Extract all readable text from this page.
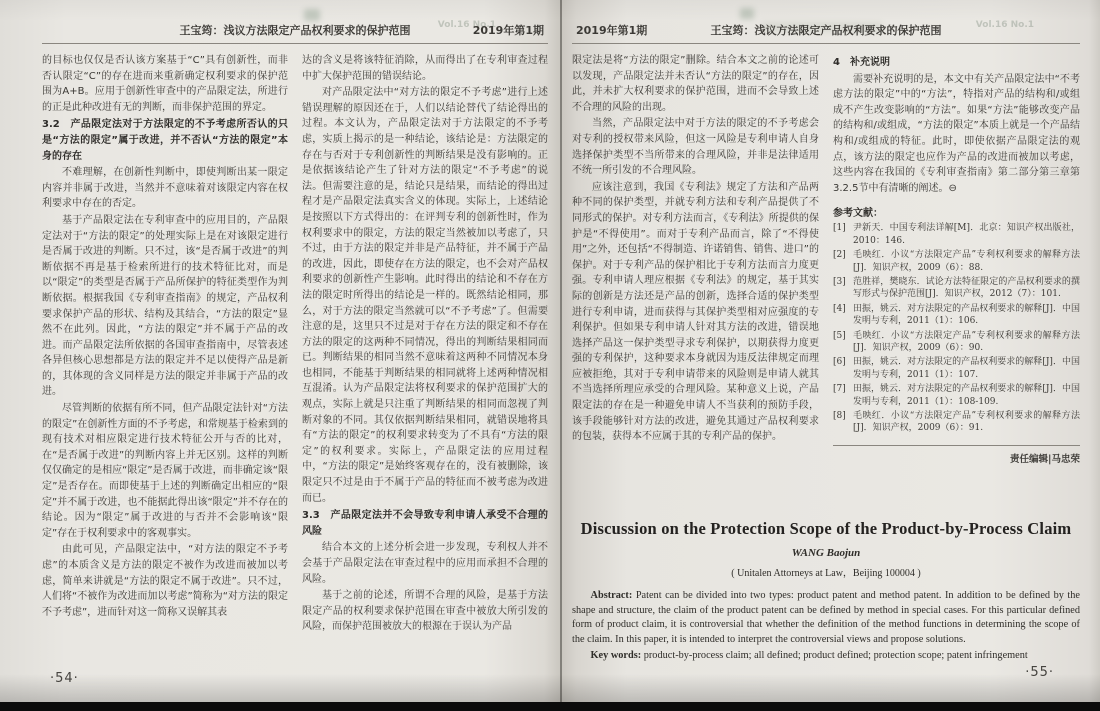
Vol.16 No.1
王宝筠：浅议方法限定产品权利要求的保护范围	2019年第1期

的目标也仅仅是否认该方案基于“C”具有创新性，而非否认限定“C”的存在进而来重新确定权利要求的保护范围为A+B。应用于创新性审查中的产品限定法，所进行的正是此种改进有无的判断，而非保护范围的界定。

3.2　产品限定法对于方法限定的不予考虑所否认的只是“方法的限定”属于改进，并不否认“方法的限定”本身的存在

不难理解，在创新性判断中，即使判断出某一限定内容并非属于改进，当然并不意味着对该限定内容在权利要求中存在的否定。

基于产品限定法在专利审查中的应用目的，产品限定法对于“方法的限定”的处理实际上是在对该限定进行是否属于改进的判断。只不过，该“是否属于改进”的判断依据不再是基于检索所进行的技术特征比对，而是以“限定”的类型是否属于产品所保护的特征类型作为判断依据。根据我国《专利审查指南》的规定，产品权利要求保护产品的形状、结构及其结合，“方法的限定”显然不在此列。因此，“方法的限定”并不属于产品的改进。而产品限定法所依据的各国审查指南中，尽管表述各异但核心思想都是方法的限定并不足以使得产品是新的，其体现的含义同样是方法的限定并非属于产品的改进。

尽管判断的依据有所不同，但产品限定法针对“方法的限定”在创新性方面的不予考虑，和常规基于检索到的现有技术对相应限定进行技术特征公开与否的比对，在“是否属于改进”的判断内容上并无区别。这样的判断仅仅确定的是相应“限定”是否属于改进，而非确定该“限定”是否存在。而即使基于上述的判断确定出相应的“限定”并不属于改进，也不能据此得出该“限定”并不存在的结论。因为“限定”属于改进的与否并不会影响该“限定”存在于权利要求中的客观事实。

由此可见，产品限定法中，“对方法的限定不予考虑”的本质含义是方法的限定不被作为改进而被加以考虑，简单来讲就是“方法的限定不属于改进”。只不过，人们将“不被作为改进而加以考虑”简称为“对方法的限定不予考虑”，进而针对这一简称又误解其表

达的含义是将该特征消除，从而得出了在专利审查过程中扩大保护范围的错误结论。

对产品限定法中“对方法的限定不予考虑”进行上述错误理解的原因还在于，人们以结论替代了结论得出的过程。本文认为，产品限定法对于方法限定的不予考虑，实质上揭示的是一种结论，该结论是：方法限定的存在与否对于专利创新性的判断结果是没有影响的。正是依据该结论产生了针对方法的限定“不予考虑”的说法。但需要注意的是，结论只是结果，而结论的得出过程才是产品限定法真实含义的体现。实际上，上述结论是按照以下方式得出的：在评判专利的创新性时，作为权利要求中的限定，方法的限定当然被加以考虑了，只不过，由于方法的限定并非是产品特征，并不属于产品的改进，因此，即使存在方法的限定，也不会对产品权利要求的创新性产生影响。此时得出的结论和不存在方法的限定时所得出的结论是一样的。既然结论相同，那么，对于方法的限定当然就可以“不予考虑”了。但需要注意的是，这里只不过是对于存在方法的限定和不存在方法的限定的这两种不同情况，得出的判断结果相同而已。判断结果的相同当然不意味着这两种不同情况本身也相同，不能基于判断结果的相同就将上述两种情况相互混淆。认为产品限定法将权利要求的保护范围扩大的观点，实际上就是只注重了判断结果的相同而忽视了判断对象的不同。其仅依据判断结果相同，就错误地将具有“方法的限定”的权利要求转变为了不具有“方法的限定”的权利要求。实际上，产品限定法的应用过程中，“方法的限定”是始终客观存在的，没有被删除，该限定只不过是由于不属于产品的特征而不被考虑为改进而已。

3.3　产品限定法并不会导致专利申请人承受不合理的风险

结合本文的上述分析会进一步发现，专利权人并不会基于产品限定法在审查过程中的应用而承担不合理的风险。

基于之前的论述，所谓不合理的风险，是基于方法限定产品的权利要求保护范围在审查中被放大所引发的风险，而保护范围被放大的根源在于误认为产品

·54·
Vol.16 No.1
2019年第1期	王宝筠：浅议方法限定产品权利要求的保护范围

限定法是将“方法的限定”删除。结合本文之前的论述可以发现，产品限定法并未否认“方法的限定”的存在，因此，并未扩大权利要求的保护范围，进而不会导致上述不合理的风险的出现。

当然，产品限定法中对于方法的限定的不予考虑会对专利的授权带来风险，但这一风险是专利申请人自身选择保护类型不当所带来的合理风险，并非是法律适用不统一所引发的不合理风险。

应该注意到，我国《专利法》规定了方法和产品两种不同的保护类型，并就专利方法和专利产品提供了不同形式的保护。对专利方法而言，《专利法》所提供的保护是“不得使用”。而对于专利产品而言，除了“不得使用”之外，还包括“不得制造、许诺销售、销售、进口”的保护。对于专利产品的保护相比于专利方法而言力度更强。专利申请人理应根据《专利法》的规定，基于其实际的创新是方法还是产品的创新，选择合适的保护类型进行专利申请，进而获得与其保护类型相对应强度的专利保护。但如果专利申请人针对其方法的改进，错误地选择产品这一保护类型寻求专利保护，以期获得力度更强的专利保护，这种要求本身就因为违反法律规定而理应被拒绝，其对于专利申请带来的风险则是申请人就其不当选择所理应承受的合理风险。某种意义上说，产品限定法的存在是一种避免申请人不当获利的预防手段，该手段能够针对方法的改进，避免其通过产品权利要求的包装，获得本不应属于其的专利产品的保护。

4　补充说明

需要补充说明的是，本文中有关产品限定法中“不考虑方法的限定”中的“方法”，特指对产品的结构和/或组成不产生改变影响的“方法”。如果“方法”能够改变产品的结构和/或组成，“方法的限定”本质上就是一个产品结构和/或组成的特征。此时，即使依据产品限定法的观点，该方法的限定也应作为产品的改进而被加以考虑，这些内容在我国的《专利审查指南》第二部分第三章第3.2.5节中有清晰的阐述。⊖

参考文献：
[1] 尹新天．中国专利法详解[M]．北京：知识产权出版社，2010：146.
[2] 毛映红．小议“方法限定产品”专利权利要求的解释方法[J]．知识产权，2009（6）：88.
[3] 范胜祥，樊晓东．试论方法特征限定的产品权利要求的撰写形式与保护范围[J]．知识产权，2012（7）：101.
[4] 田振，姚云．对方法限定的产品权利要求的解释[J]．中国发明与专利，2011（1）：106.
[5] 毛映红．小议“方法限定产品”专利权利要求的解释方法[J]．知识产权，2009（6）：90.
[6] 田振，姚云．对方法限定的产品权利要求的解释[J]．中国发明与专利，2011（1）：107.
[7] 田振，姚云．对方法限定的产品权利要求的解释[J]．中国发明与专利，2011（1）：108-109.
[8] 毛映红．小议“方法限定产品”专利权利要求的解释方法[J]．知识产权，2009（6）：91.
责任编辑|马忠荣
Discussion on the Protection Scope of the Product-by-Process Claim
WANG Baojun
( Unitalen Attorneys at Law，Beijing 100004 )

Abstract: Patent can be divided into two types: product patent and method patent. In addition to be defined by the shape and structure, the claim of the product patent can be defined by method in special cases. For this particular defined form of product claim, it is controversial that whether the definition of the method functions in determining the scope of the claim. In this paper, it is intended to interpret the controversial views and propose solutions.

Key words: product-by-process claim; all defined; product defined; protection scope; patent infringement

·55·
